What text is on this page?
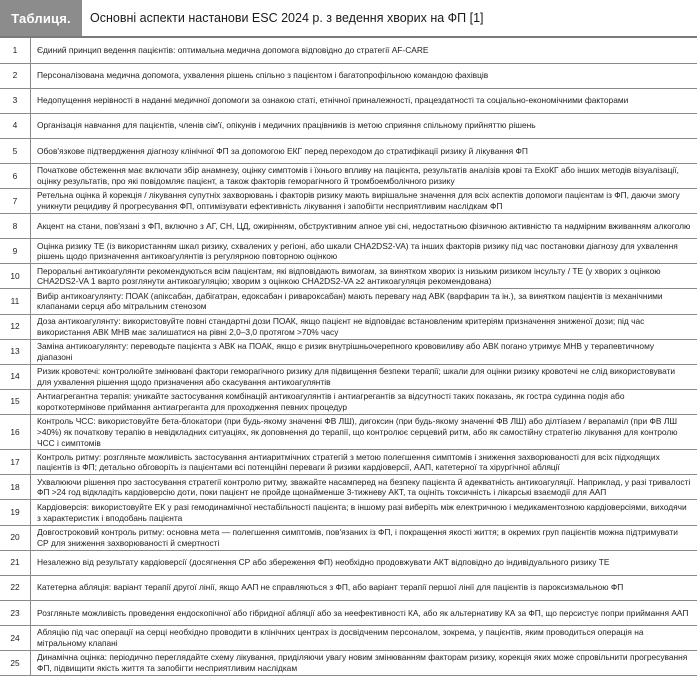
Таблиця.	Основні аспекти настанови ESC 2024 р. з ведення хворих на ФП [1]
1	Єдиний принцип ведення пацієнтів: оптимальна медична допомога відповідно до стратегії AF-CARE
2	Персоналізована медична допомога, ухвалення рішень спільно з пацієнтом і багатопрофільною командою фахівців
3	Недопущення нерівності в наданні медичної допомоги за ознакою статі, етнічної приналежності, працездатності та соціально-економічними факторами
4	Організація навчання для пацієнтів, членів сім'ї, опікунів і медичних працівників із метою сприяння спільному прийняттю рішень
5	Обов'язкове підтвердження діагнозу клінічної ФП за допомогою ЕКГ перед переходом до стратифікації ризику й лікування ФП
6	Початкове обстеження має включати збір анамнезу, оцінку симптомів і їхнього впливу на пацієнта, результатів аналізів крові та ЕхоКГ або інших методів візуалізації, оцінку результатів, про які повідомляє пацієнт, а також факторів геморагічного й тромбоемболічного ризику
7	Ретельна оцінка й корекція / лікування супутніх захворювань і факторів ризику мають вирішальне значення для всіх аспектів допомоги пацієнтам із ФП, даючи змогу уникнути рецидиву й прогресування ФП, оптимізувати ефективність лікування і запобігти несприятливим наслідкам ФП
8	Акцент на стани, пов'язані з ФП, включно з АГ, СН, ЦД, ожирінням, обструктивним апное уві сні, недостатньою фізичною активністю та надмірним вживанням алкоголю
9	Оцінка ризику ТЕ (із використанням шкал ризику, схвалених у регіоні, або шкали CHA2DS2-VA) та інших факторів ризику під час постановки діагнозу для ухвалення рішень щодо призначення антикоагулянтів із регулярною повторною оцінкою
10	Пероральні антикоагулянти рекомендуються всім пацієнтам, які відповідають вимогам, за винятком хворих із низьким ризиком інсульту / ТЕ (у хворих з оцінкою CHA2DS2-VA 1 варто розглянути антикоагуляцію; хворим з оцінкою CHA2DS2-VA ≥2 антикоагуляція рекомендована)
11	Вибір антикоагулянту: ПОАК (апіксабан, дабігатран, едоксабан і ривароксабан) мають перевагу над АВК (варфарин та ін.), за винятком пацієнтів із механічними клапанами серця або мітральним стенозом
12	Доза антикоагулянту: використовуйте повні стандартні дози ПОАК, якщо пацієнт не відповідає встановленим критеріям призначення зниженої дози; під час використання АВК МНВ має залишатися на рівні 2,0–3,0 протягом >70% часу
13	Заміна антикоагулянту: переводьте пацієнта з АВК на ПОАК, якщо є ризик внутрішньочерепного крововиливу або АВК погано утримує МНВ у терапевтичному діапазоні
14	Ризик кровотечі: контролюйте змінювані фактори геморагічного ризику для підвищення безпеки терапії; шкали для оцінки ризику кровотечі не слід використовувати для ухвалення рішення щодо призначення або скасування антикоагулянтів
15	Антиагрегантна терапія: уникайте застосування комбінацій антикоагулянтів і антиагрегантів за відсутності таких показань, як гостра судинна подія або короткотермінове приймання антиагреганта для проходження певних процедур
16	Контроль ЧСС: використовуйте бета-блокатори (при будь-якому значенні ФВ ЛШ), дигоксин (при будь-якому значенні ФВ ЛШ) або ділтіазем / верапаміл (при ФВ ЛШ >40%) як початкову терапію в невідкладних ситуаціях, як доповнення до терапії, що контролює серцевий ритм, або як самостійну стратегію лікування для контролю ЧСС і симптомів
17	Контроль ритму: розгляньте можливість застосування антиаритмічних стратегій з метою полегшення симптомів і зниження захворюваності для всіх підходящих пацієнтів із ФП; детально обговоріть із пацієнтами всі потенційні переваги й ризики кардіоверсії, ААП, катетерної та хірургічної абляції
18	Ухвалюючи рішення про застосування стратегії контролю ритму, зважайте насамперед на безпеку пацієнта й адекватність антикоагуляції. Наприклад, у разі тривалості ФП >24 год відкладіть кардіоверсію доти, поки пацієнт не пройде щонайменше 3-тижневу АКТ, та оцініть токсичність і лікарські взаємодії для ААП
19	Кардіоверсія: використовуйте ЕК у разі гемодинамічної нестабільності пацієнта; в іншому разі виберіть між електричною і медикаментозною кардіоверсіями, виходячи з характеристик і вподобань пацієнта
20	Довгостроковий контроль ритму: основна мета — полегшення симптомів, пов'язаних із ФП, і покращення якості життя; в окремих груп пацієнтів можна підтримувати СР для зниження захворюваності й смертності
21	Незалежно від результату кардіоверсії (досягнення СР або збереження ФП) необхідно продовжувати АКТ відповідно до індивідуального ризику ТЕ
22	Катетерна абляція: варіант терапії другої лінії, якщо ААП не справляються з ФП, або варіант терапії першої лінії для пацієнтів із пароксизмальною ФП
23	Розгляньте можливість проведення ендоскопічної або гібридної абляції або за неефективності КА, або як альтернативу КА за ФП, що персистує попри приймання ААП
24	Абляцію під час операції на серці необхідно проводити в клінічних центрах із досвідченим персоналом, зокрема, у пацієнтів, яким проводиться операція на мітральному клапані
25	Динамічна оцінка: періодично переглядайте схему лікування, приділяючи увагу новим змінюванням факторам ризику, корекція яких може спровільнити прогресування ФП, підвищити якість життя та запобігти несприятливим наслідкам
